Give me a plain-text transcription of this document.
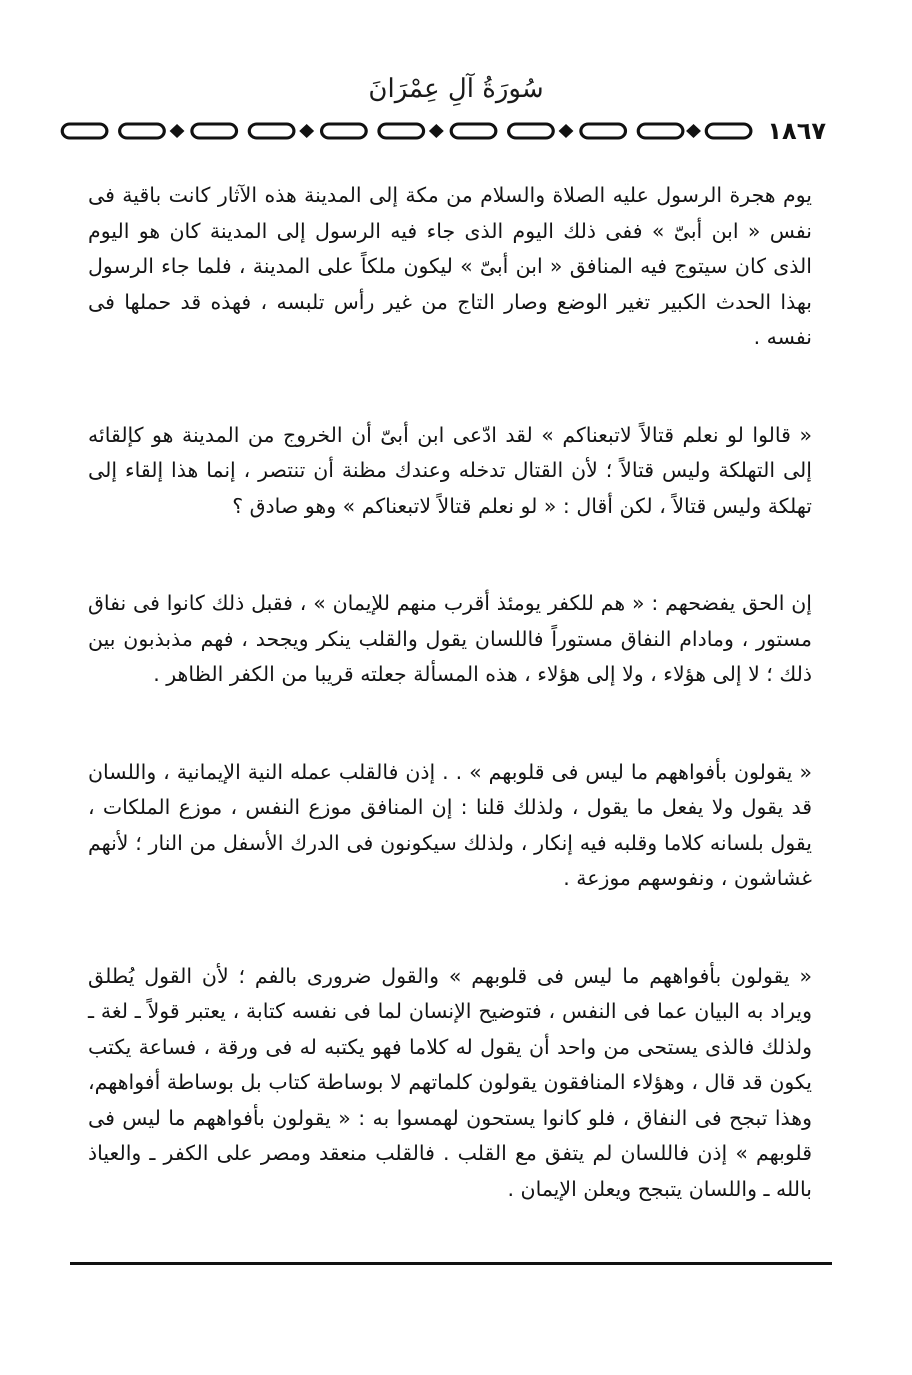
سُورَةُ آلِ عِمْرَانَ
١٨٦٧

يوم هجرة الرسول عليه الصلاة والسلام من مكة إلى المدينة هذه الآثار كانت باقية فى نفس « ابن أبىّ » ففى ذلك اليوم الذى جاء فيه الرسول إلى المدينة كان هو اليوم الذى كان سيتوج فيه المنافق « ابن أبىّ » ليكون ملكاً على المدينة ، فلما جاء الرسول بهذا الحدث الكبير تغير الوضع وصار التاج من غير رأس تلبسه ، فهذه قد حملها فى نفسه .

« قالوا لو نعلم قتالاً لاتبعناكم » لقد ادّعى ابن أبىّ أن الخروج من المدينة هو كإلقائه إلى التهلكة وليس قتالاً ؛ لأن القتال تدخله وعندك مظنة أن تنتصر ، إنما هذا إلقاء إلى تهلكة وليس قتالاً ، لكن أقال : « لو نعلم قتالاً لاتبعناكم » وهو صادق ؟

إن الحق يفضحهم : « هم للكفر يومئذ أقرب منهم للإيمان » ، فقبل ذلك كانوا فى نفاق مستور ، ومادام النفاق مستوراً فاللسان يقول والقلب ينكر ويجحد ، فهم مذبذبون بين ذلك ؛ لا إلى هؤلاء ، ولا إلى هؤلاء ، هذه المسألة جعلته قريبا من الكفر الظاهر .

« يقولون بأفواههم ما ليس فى قلوبهم » . . إذن فالقلب عمله النية الإيمانية ، واللسان قد يقول ولا يفعل ما يقول ، ولذلك قلنا : إن المنافق موزع النفس ، موزع الملكات ، يقول بلسانه كلاما وقلبه فيه إنكار ، ولذلك سيكونون فى الدرك الأسفل من النار ؛ لأنهم غشاشون ، ونفوسهم موزعة .

« يقولون بأفواههم ما ليس فى قلوبهم » والقول ضرورى بالفم ؛ لأن القول يُطلق ويراد به البيان عما فى النفس ، فتوضيح الإنسان لما فى نفسه كتابة ، يعتبر قولاً ـ لغة ـ ولذلك فالذى يستحى من واحد أن يقول له كلاما فهو يكتبه له فى ورقة ، فساعة يكتب يكون قد قال ، وهؤلاء المنافقون يقولون كلماتهم لا بوساطة كتاب بل بوساطة أفواههم، وهذا تبجح فى النفاق ، فلو كانوا يستحون لهمسوا به : « يقولون بأفواههم ما ليس فى قلوبهم » إذن فاللسان لم يتفق مع القلب . فالقلب منعقد ومصر على الكفر ـ والعياذ بالله ـ واللسان يتبجح ويعلن الإيمان .
